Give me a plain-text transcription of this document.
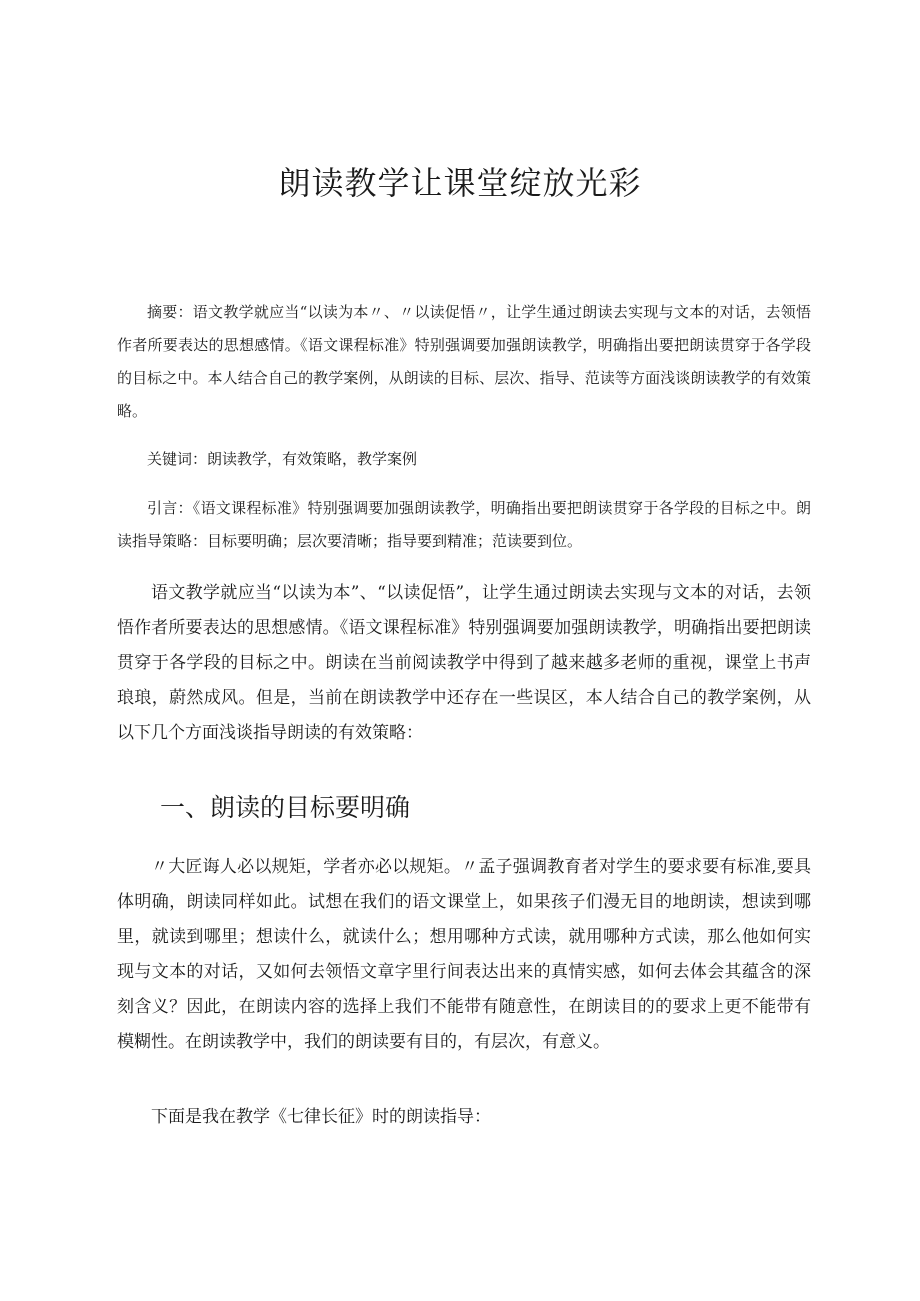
朗读教学让课堂绽放光彩

摘要：语文教学就应当“以读为本〃、〃以读促悟〃，让学生通过朗读去实现与文本的对话，去领悟作者所要表达的思想感情。《语文课程标准》特别强调要加强朗读教学，明确指出要把朗读贯穿于各学段的目标之中。本人结合自己的教学案例，从朗读的目标、层次、指导、范读等方面浅谈朗读教学的有效策略。

关键词：朗读教学，有效策略，教学案例

引言：《语文课程标准》特别强调要加强朗读教学，明确指出要把朗读贯穿于各学段的目标之中。朗读指导策略：目标要明确；层次要清晰；指导要到精准；范读要到位。

语文教学就应当“以读为本”、“以读促悟”，让学生通过朗读去实现与文本的对话，去领悟作者所要表达的思想感情。《语文课程标准》特别强调要加强朗读教学，明确指出要把朗读贯穿于各学段的目标之中。朗读在当前阅读教学中得到了越来越多老师的重视，课堂上书声琅琅，蔚然成风。但是，当前在朗读教学中还存在一些误区，本人结合自己的教学案例，从以下几个方面浅谈指导朗读的有效策略：

一、朗读的目标要明确

〃大匠诲人必以规矩，学者亦必以规矩。〃孟子强调教育者对学生的要求要有标准,要具体明确，朗读同样如此。试想在我们的语文课堂上，如果孩子们漫无目的地朗读，想读到哪里，就读到哪里；想读什么，就读什么；想用哪种方式读，就用哪种方式读，那么他如何实现与文本的对话，又如何去领悟文章字里行间表达出来的真情实感，如何去体会其蕴含的深刻含义？因此，在朗读内容的选择上我们不能带有随意性，在朗读目的的要求上更不能带有模糊性。在朗读教学中，我们的朗读要有目的，有层次，有意义。

下面是我在教学《七律长征》时的朗读指导：
